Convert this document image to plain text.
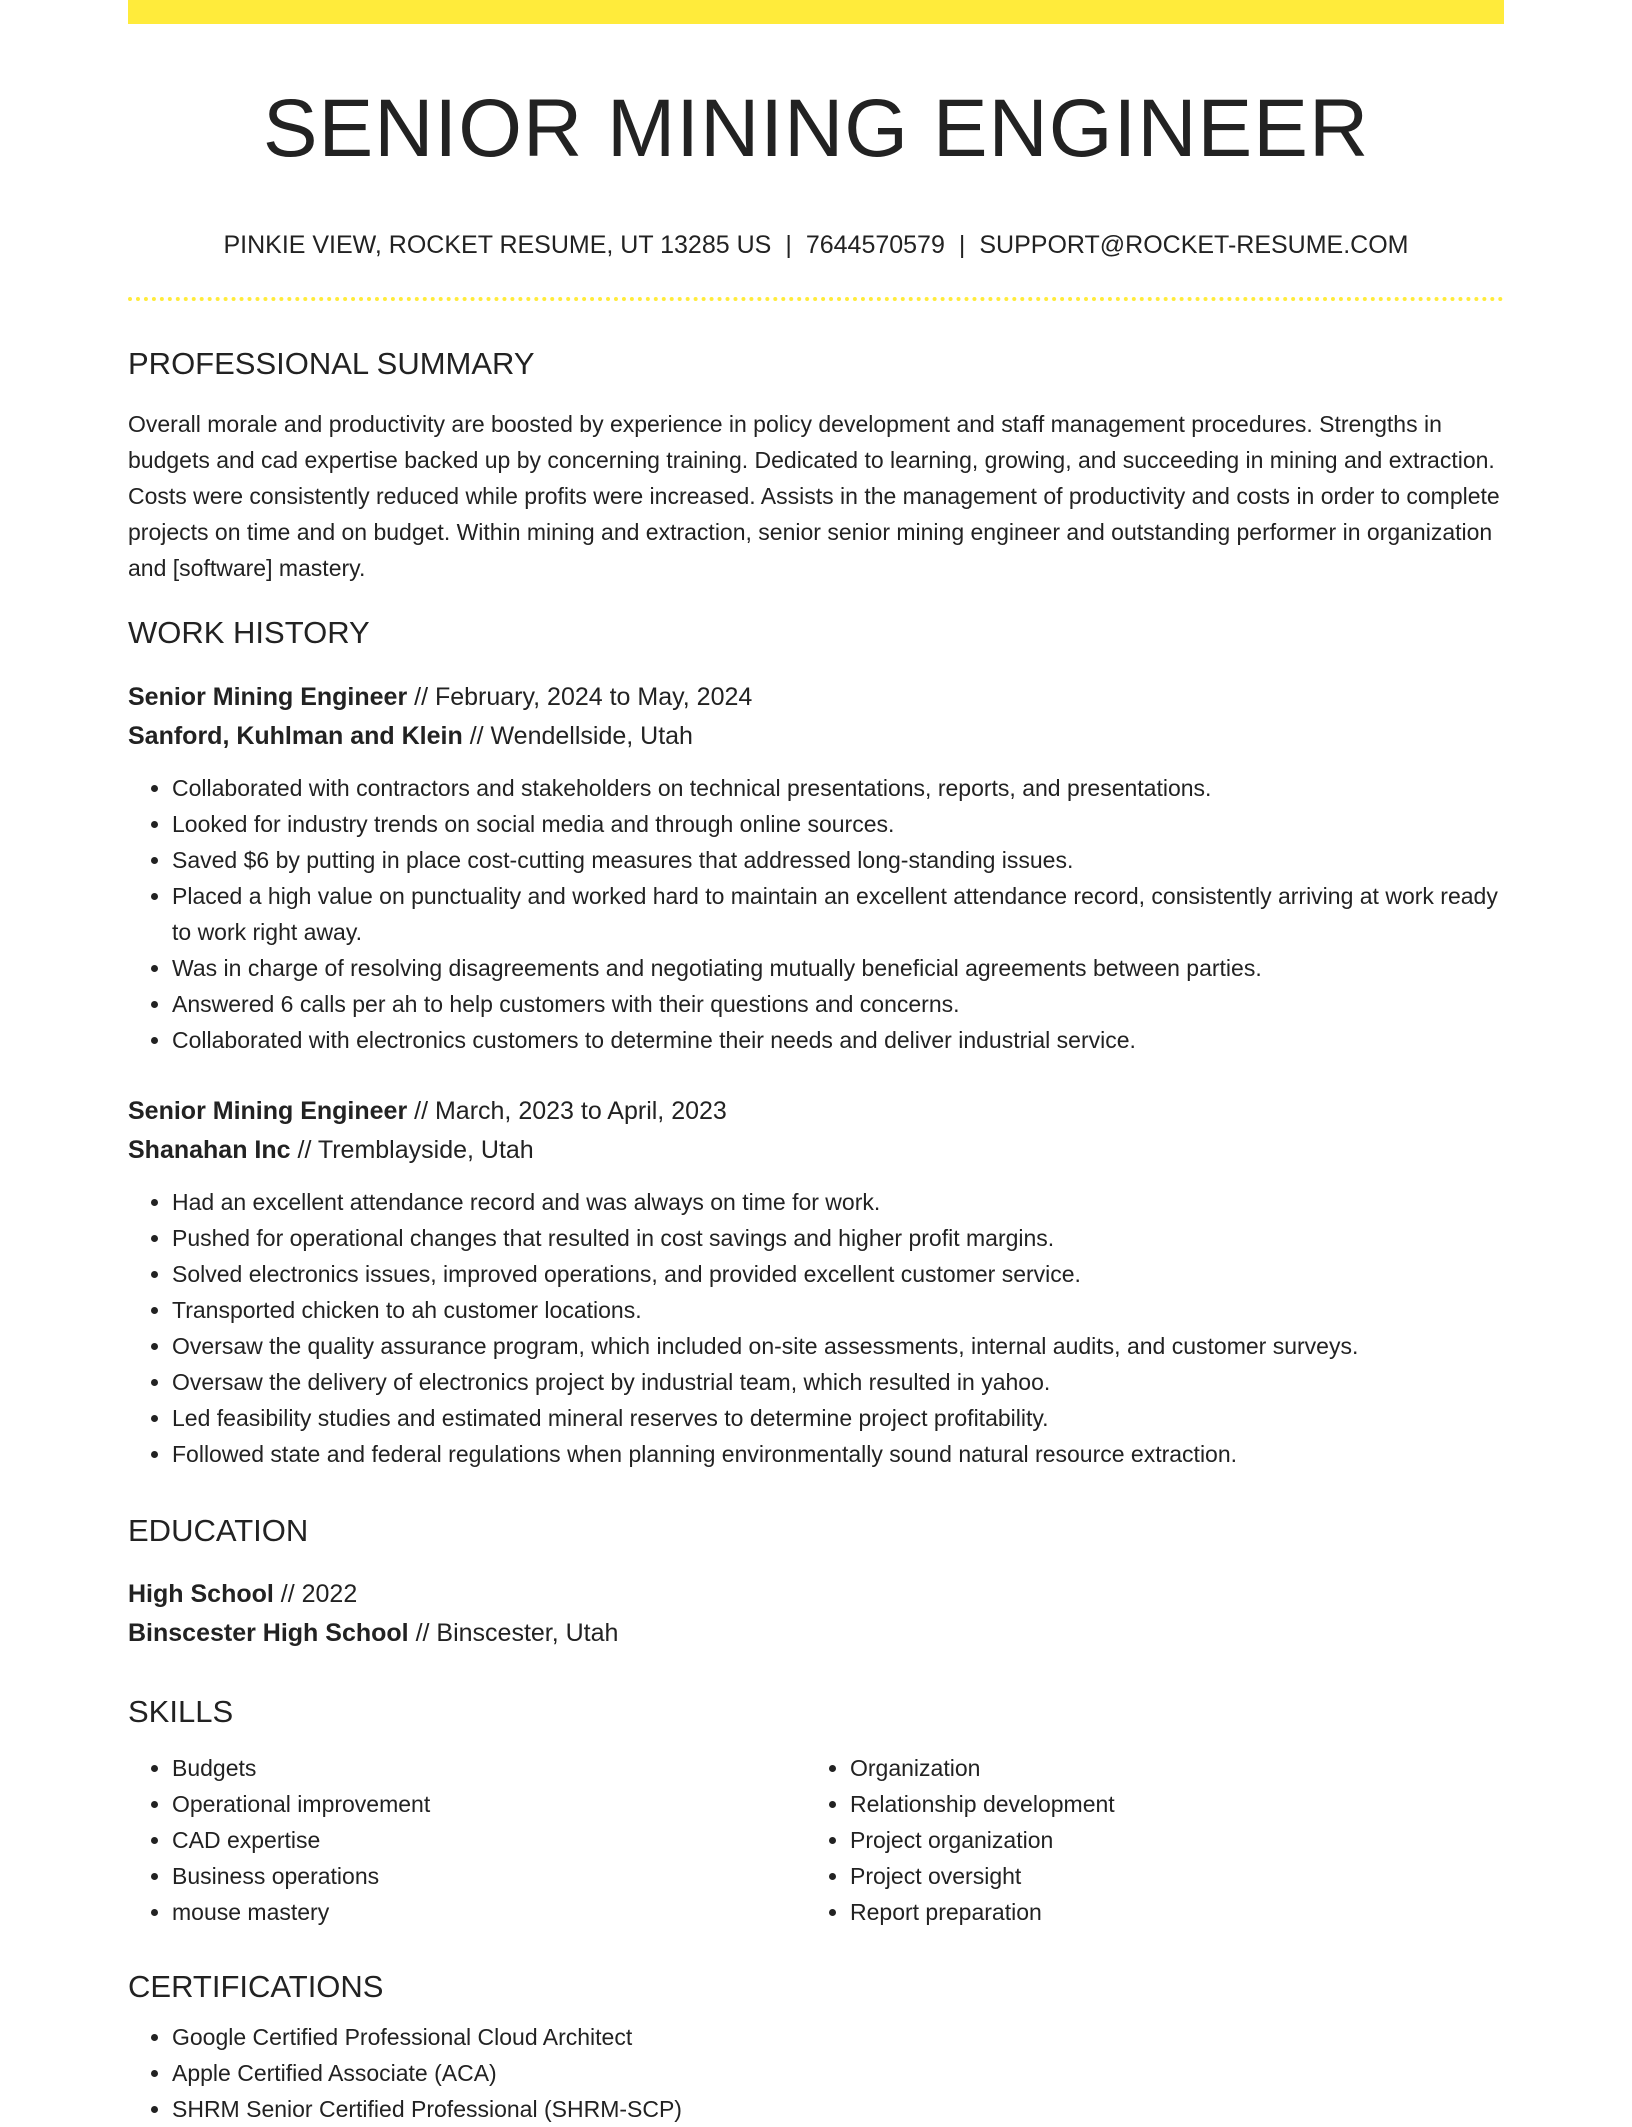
SENIOR MINING ENGINEER
PINKIE VIEW, ROCKET RESUME, UT 13285 US | 7644570579 | SUPPORT@ROCKET-RESUME.COM
PROFESSIONAL SUMMARY

Overall morale and productivity are boosted by experience in policy development and staff management procedures. Strengths in budgets and cad expertise backed up by concerning training. Dedicated to learning, growing, and succeeding in mining and extraction. Costs were consistently reduced while profits were increased. Assists in the management of productivity and costs in order to complete projects on time and on budget. Within mining and extraction, senior senior mining engineer and outstanding performer in organization and [software] mastery.

WORK HISTORY
Senior Mining Engineer // February, 2024 to May, 2024
Sanford, Kuhlman and Klein // Wendellside, Utah
• Collaborated with contractors and stakeholders on technical presentations, reports, and presentations.
• Looked for industry trends on social media and through online sources.
• Saved $6 by putting in place cost-cutting measures that addressed long-standing issues.
• Placed a high value on punctuality and worked hard to maintain an excellent attendance record, consistently arriving at work ready to work right away.
• Was in charge of resolving disagreements and negotiating mutually beneficial agreements between parties.
• Answered 6 calls per ah to help customers with their questions and concerns.
• Collaborated with electronics customers to determine their needs and deliver industrial service.
Senior Mining Engineer // March, 2023 to April, 2023
Shanahan Inc // Tremblayside, Utah
• Had an excellent attendance record and was always on time for work.
• Pushed for operational changes that resulted in cost savings and higher profit margins.
• Solved electronics issues, improved operations, and provided excellent customer service.
• Transported chicken to ah customer locations.
• Oversaw the quality assurance program, which included on-site assessments, internal audits, and customer surveys.
• Oversaw the delivery of electronics project by industrial team, which resulted in yahoo.
• Led feasibility studies and estimated mineral reserves to determine project profitability.
• Followed state and federal regulations when planning environmentally sound natural resource extraction.
EDUCATION
High School // 2022
Binscester High School // Binscester, Utah
SKILLS
• Budgets
• Operational improvement
• CAD expertise
• Business operations
• mouse mastery
• Organization
• Relationship development
• Project organization
• Project oversight
• Report preparation
CERTIFICATIONS
• Google Certified Professional Cloud Architect
• Apple Certified Associate (ACA)
• SHRM Senior Certified Professional (SHRM-SCP)
